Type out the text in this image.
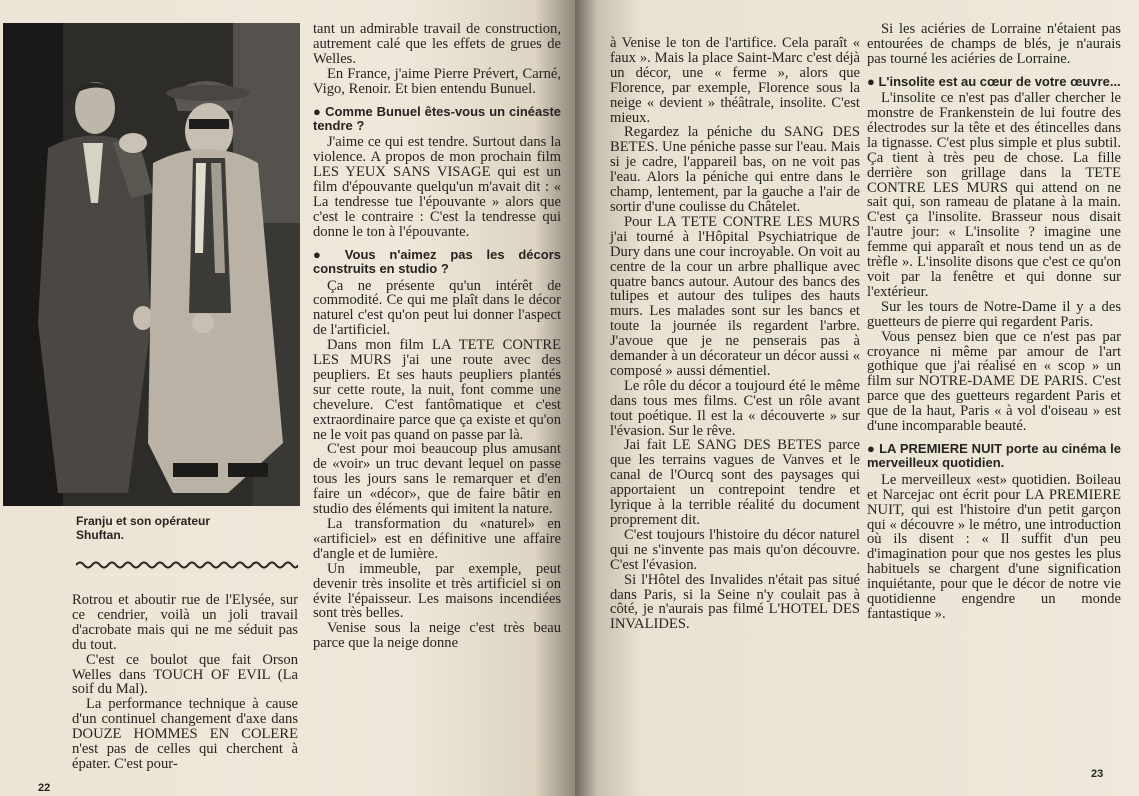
Franju et son opérateur Shuftan.

Rotrou et aboutir rue de l'Elysée, sur ce cendrier, voilà un joli travail d'acrobate mais qui ne me séduit pas du tout.

C'est ce boulot que fait Orson Welles dans TOUCH OF EVIL (La soif du Mal).

La performance technique à cause d'un continuel changement d'axe dans DOUZE HOMMES EN COLERE n'est pas de celles qui cherchent à épater. C'est pour-

tant un admirable travail de construction, autrement calé que les effets de grues de Welles.

En France, j'aime Pierre Prévert, Carné, Vigo, Renoir. Et bien entendu Bunuel.

● Comme Bunuel êtes-vous un cinéaste tendre ?

J'aime ce qui est tendre. Surtout dans la violence. A propos de mon prochain film LES YEUX SANS VISAGE qui est un film d'épouvante quelqu'un m'avait dit : « La tendresse tue l'épouvante » alors que c'est le contraire : C'est la tendresse qui donne le ton à l'épouvante.

● Vous n'aimez pas les décors construits en studio ?

Ça ne présente qu'un intérêt de commodité. Ce qui me plaît dans le décor naturel c'est qu'on peut lui donner l'aspect de l'artificiel.

Dans mon film LA TETE CONTRE LES MURS j'ai une route avec des peupliers. Et ses hauts peupliers plantés sur cette route, la nuit, font comme une chevelure. C'est fantômatique et c'est extraordinaire parce que ça existe et qu'on ne le voit pas quand on passe par là.

C'est pour moi beaucoup plus amusant de «voir» un truc devant lequel on passe tous les jours sans le remarquer et d'en faire un «décor», que de faire bâtir en studio des éléments qui imitent la nature.

La transformation du «naturel» en «artificiel» est en définitive une affaire d'angle et de lumière.

Un immeuble, par exemple, peut devenir très insolite et très artificiel si on évite l'épaisseur. Les maisons incendiées sont très belles.

Venise sous la neige c'est très beau parce que la neige donne

22

à Venise le ton de l'artifice. Cela paraît « faux ». Mais la place Saint-Marc c'est déjà un décor, une « ferme », alors que Florence, par exemple, Florence sous la neige « devient » théâtrale, insolite. C'est mieux.

Regardez la péniche du SANG DES BETES. Une péniche passe sur l'eau. Mais si je cadre, l'appareil bas, on ne voit pas l'eau. Alors la péniche qui entre dans le champ, lentement, par la gauche a l'air de sortir d'une coulisse du Châtelet.

Pour LA TETE CONTRE LES MURS j'ai tourné à l'Hôpital Psychiatrique de Dury dans une cour incroyable. On voit au centre de la cour un arbre phallique avec quatre bancs autour. Autour des bancs des tulipes et autour des tulipes des hauts murs. Les malades sont sur les bancs et toute la journée ils regardent l'arbre. J'avoue que je ne penserais pas à demander à un décorateur un décor aussi « composé » aussi démentiel.

Le rôle du décor a toujourd été le même dans tous mes films. C'est un rôle avant tout poétique. Il est la « découverte » sur l'évasion. Sur le rêve.

Jai fait LE SANG DES BETES parce que les terrains vagues de Vanves et le canal de l'Ourcq sont des paysages qui apportaient un contrepoint tendre et lyrique à la terrible réalité du document proprement dit.

C'est toujours l'histoire du décor naturel qui ne s'invente pas mais qu'on découvre. C'est l'évasion.

Si l'Hôtel des Invalides n'était pas situé dans Paris, si la Seine n'y coulait pas à côté, je n'aurais pas filmé L'HOTEL DES INVALIDES.

Si les aciéries de Lorraine n'étaient pas entourées de champs de blés, je n'aurais pas tourné les aciéries de Lorraine.

● L'insolite est au cœur de votre œuvre...

L'insolite ce n'est pas d'aller chercher le monstre de Frankenstein de lui foutre des électrodes sur la tête et des étincelles dans la tignasse. C'est plus simple et plus subtil. Ça tient à très peu de chose. La fille derrière son grillage dans la TETE CONTRE LES MURS qui attend on ne sait qui, son rameau de platane à la main. C'est ça l'insolite. Brasseur nous disait l'autre jour: « L'insolite ? imagine une femme qui apparaît et nous tend un as de trèfle ». L'insolite disons que c'est ce qu'on voit par la fenêtre et qui donne sur l'extérieur.

Sur les tours de Notre-Dame il y a des guetteurs de pierre qui regardent Paris.

Vous pensez bien que ce n'est pas par croyance ni même par amour de l'art gothique que j'ai réalisé en « scop » un film sur NOTRE-DAME DE PARIS. C'est parce que des guetteurs regardent Paris et que de la haut, Paris « à vol d'oiseau » est d'une incomparable beauté.

● LA PREMIERE NUIT porte au cinéma le merveilleux quotidien.

Le merveilleux «est» quotidien. Boileau et Narcejac ont écrit pour LA PREMIERE NUIT, qui est l'histoire d'un petit garçon qui « découvre » le métro, une introduction où ils disent : « Il suffit d'un peu d'imagination pour que nos gestes les plus habituels se chargent d'une signification inquiétante, pour que le décor de notre vie quotidienne engendre un monde fantastique ».

23
